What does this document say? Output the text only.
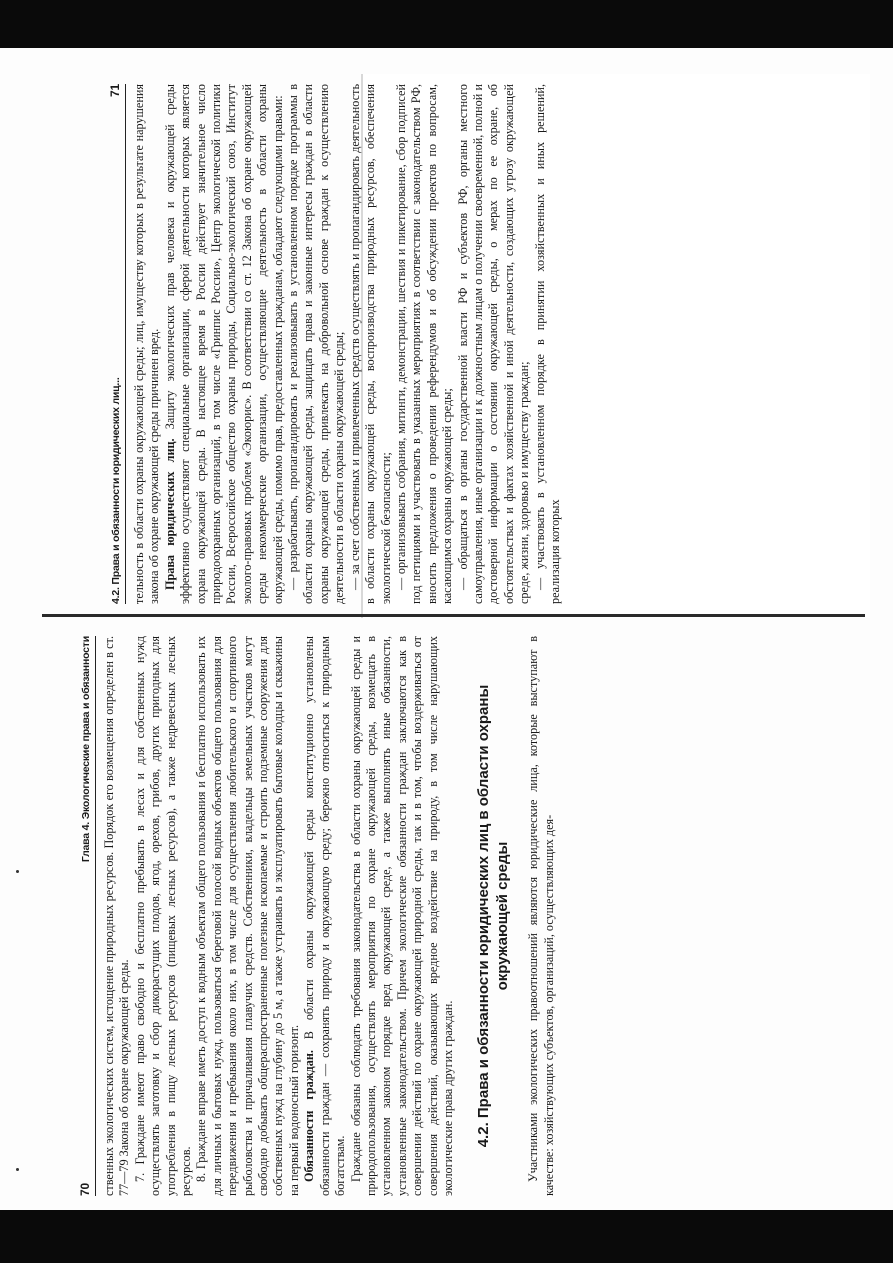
70
Глава 4. Экологические права и обязанности ственных экологических систем, истощение природных ресурсов. Порядок его возмещения определен в ст. 77—79 Закона об охране окружающей среды. 7. Граждане имеют право свободно и бесплатно пребывать в лесах и для собственных нужд осуществлять заготовку и сбор дикорастущих плодов, ягод, орехов, грибов, других пригодных для употребления в пищу лесных ресурсов (пищевых лесных ресурсов), а также недревесных лесных ресурсов. 8. Граждане вправе иметь доступ к водным объектам общего пользования и бесплатно использовать их для личных и бытовых нужд, пользоваться береговой полосой водных объектов общего пользования для передвижения и пребывания около них, в том числе для осуществления любительского и спортивного рыболовства и причаливания плавучих средств. Собственники, владельцы земельных участков могут свободно добывать общераспространенные полезные ископаемые и строить подземные сооружения для собственных нужд на глубину до 5 м, а также устраивать и эксплуатировать бытовые колодцы и скважины на первый водоносный горизонт. Обязанности граждан. В области охраны окружающей среды конституционно установлены обязанности граждан — сохранять природу и окружающую среду; бережно относиться к природным богатствам. Граждане обязаны соблюдать требования законодательства в области охраны окружающей среды и природопользования, осуществлять мероприятия по охране окружающей среды, возмещать в установленном законом порядке вред окружающей среде, а также выполнять иные обязанности, установленные законодательством. Причем экологические обязанности граждан заключаются как в совершении действий по охране окружающей природной среды, так и в том, чтобы воздерживаться от совершения действий, оказывающих вредное воздействие на природу, в том числе нарушающих экологические права других граждан. 4.2. Права и обязанности юридических лиц в области охраны окружающей среды Участниками экологических правоотношений являются юридические лица, которые выступают в качестве: хозяйствующих субъектов, организаций, осуществляющих дея-

4.2. Права и обязанности юридических лиц...
71 тельность в области охраны окружающей среды; лиц, имуществу которых в результате нарушения закона об охране окружающей среды причинен вред. Права юридических лиц. Защиту экологических прав человека и окружающей среды эффективно осуществляют специальные организации, сферой деятельности которых является охрана окружающей среды. В настоящее время в России действует значительное число природоохранных организаций, в том числе «Гринпис России», Центр экологической политики России, Всероссийское общество охраны природы, Социально-экологический союз, Институт эколого-правовых проблем «Экоюрис». В соответствии со ст. 12 Закона об охране окружающей среды некоммерческие организации, осуществляющие деятельность в области охраны окружающей среды, помимо прав, предоставленных гражданам, обладают следующими правами: — разрабатывать, пропагандировать и реализовывать в установленном порядке программы в области охраны окружающей среды, защищать права и законные интересы граждан в области охраны окружающей среды, привлекать на добровольной основе граждан к осуществлению деятельности в области охраны окружающей среды; — за счет собственных и привлеченных средств осуществлять и пропагандировать деятельность в области охраны окружающей среды, воспроизводства природных ресурсов, обеспечения экологической безопасности; — организовывать собрания, митинги, демонстрации, шествия и пикетирование, сбор подписей под петициями и участвовать в указанных мероприятиях в соответствии с законодательством РФ, вносить предложения о проведении референдумов и об обсуждении проектов по вопросам, касающимся охраны окружающей среды; — обращаться в органы государственной власти РФ и субъектов РФ, органы местного самоуправления, иные организации и к должностным лицам о получении своевременной, полной и достоверной информации о состоянии окружающей среды, о мерах по ее охране, об обстоятельствах и фактах хозяйственной и иной деятельности, создающих угрозу окружающей среде, жизни, здоровью и имуществу граждан; — участвовать в установленном порядке в принятии хозяйственных и иных решений, реализация которых
